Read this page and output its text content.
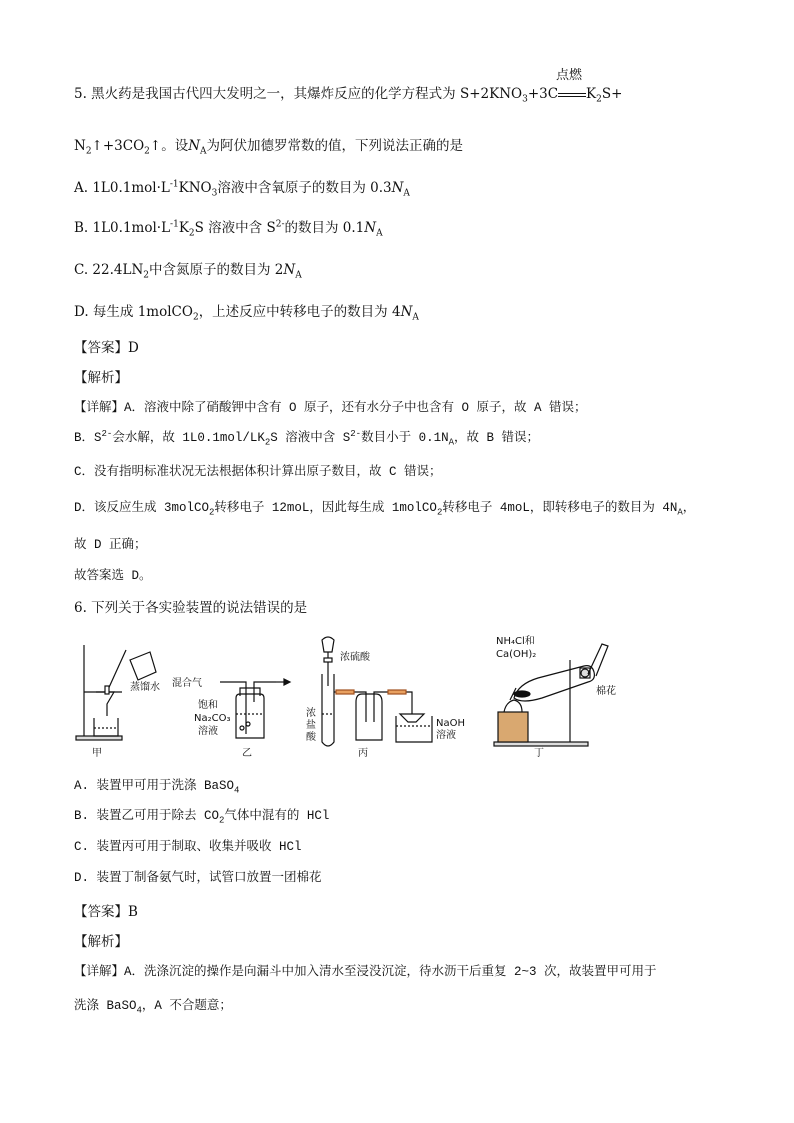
5. 黑火药是我国古代四大发明之一，其爆炸反应的化学方程式为 $S+2KNO_3+3C$
点燃
$K_2S+$
$N_2↑+3CO_2↑$。设$N_A$为阿伏加德罗常数的值，下列说法正确的是
A. $1L0.1mol\cdot L^{-1}KNO_3$溶液中含氧原子的数目为 $0.3N_A$
B. $1L0.1mol\cdot L^{-1}K_2S$ 溶液中含 $S^{2-}$的数目为 $0.1N_A$
C. $22.4LN_2$中含氮原子的数目为 $2N_A$
D. 每生成 1molCO$_2$，上述反应中转移电子的数目为 $4N_A$
【答案】D
【解析】
【详解】A．溶液中除了硝酸钾中含有 O 原子，还有水分子中也含有 O 原子，故 A 错误；
B．$S^{2-}$会水解，故 $1L0.1mol/LK_2S$ 溶液中含 $S^{2-}$数目小于 $0.1N_A$，故 B 错误；
C．没有指明标准状况无法根据体积计算出原子数目，故 C 错误；
D．该反应生成 3molCO$_2$转移电子 12moL，因此每生成 1molCO$_2$转移电子 4moL，即转移电子的数目为 $4N_A$，
故 D 正确；
故答案选 D。
6. 下列关于各实验装置的说法错误的是
蒸馏水 混合气
饱和
Na₂CO₃
溶液
浓硫酸
浓
盐
酸
NaOH
溶液
NH₄Cl和
Ca(OH)₂
棉花
甲	乙	丙	丁
A. 装置甲可用于洗涤 BaSO$_4$
B. 装置乙可用于除去 $CO_2$气体中混有的 HCl
C. 装置丙可用于制取、收集并吸收 HCl
D. 装置丁制备氨气时，试管口放置一团棉花
【答案】B
【解析】
【详解】A．洗涤沉淀的操作是向漏斗中加入清水至浸没沉淀，待水沥干后重复 2~3 次，故装置甲可用于
洗涤 BaSO$_4$，A 不合题意；
